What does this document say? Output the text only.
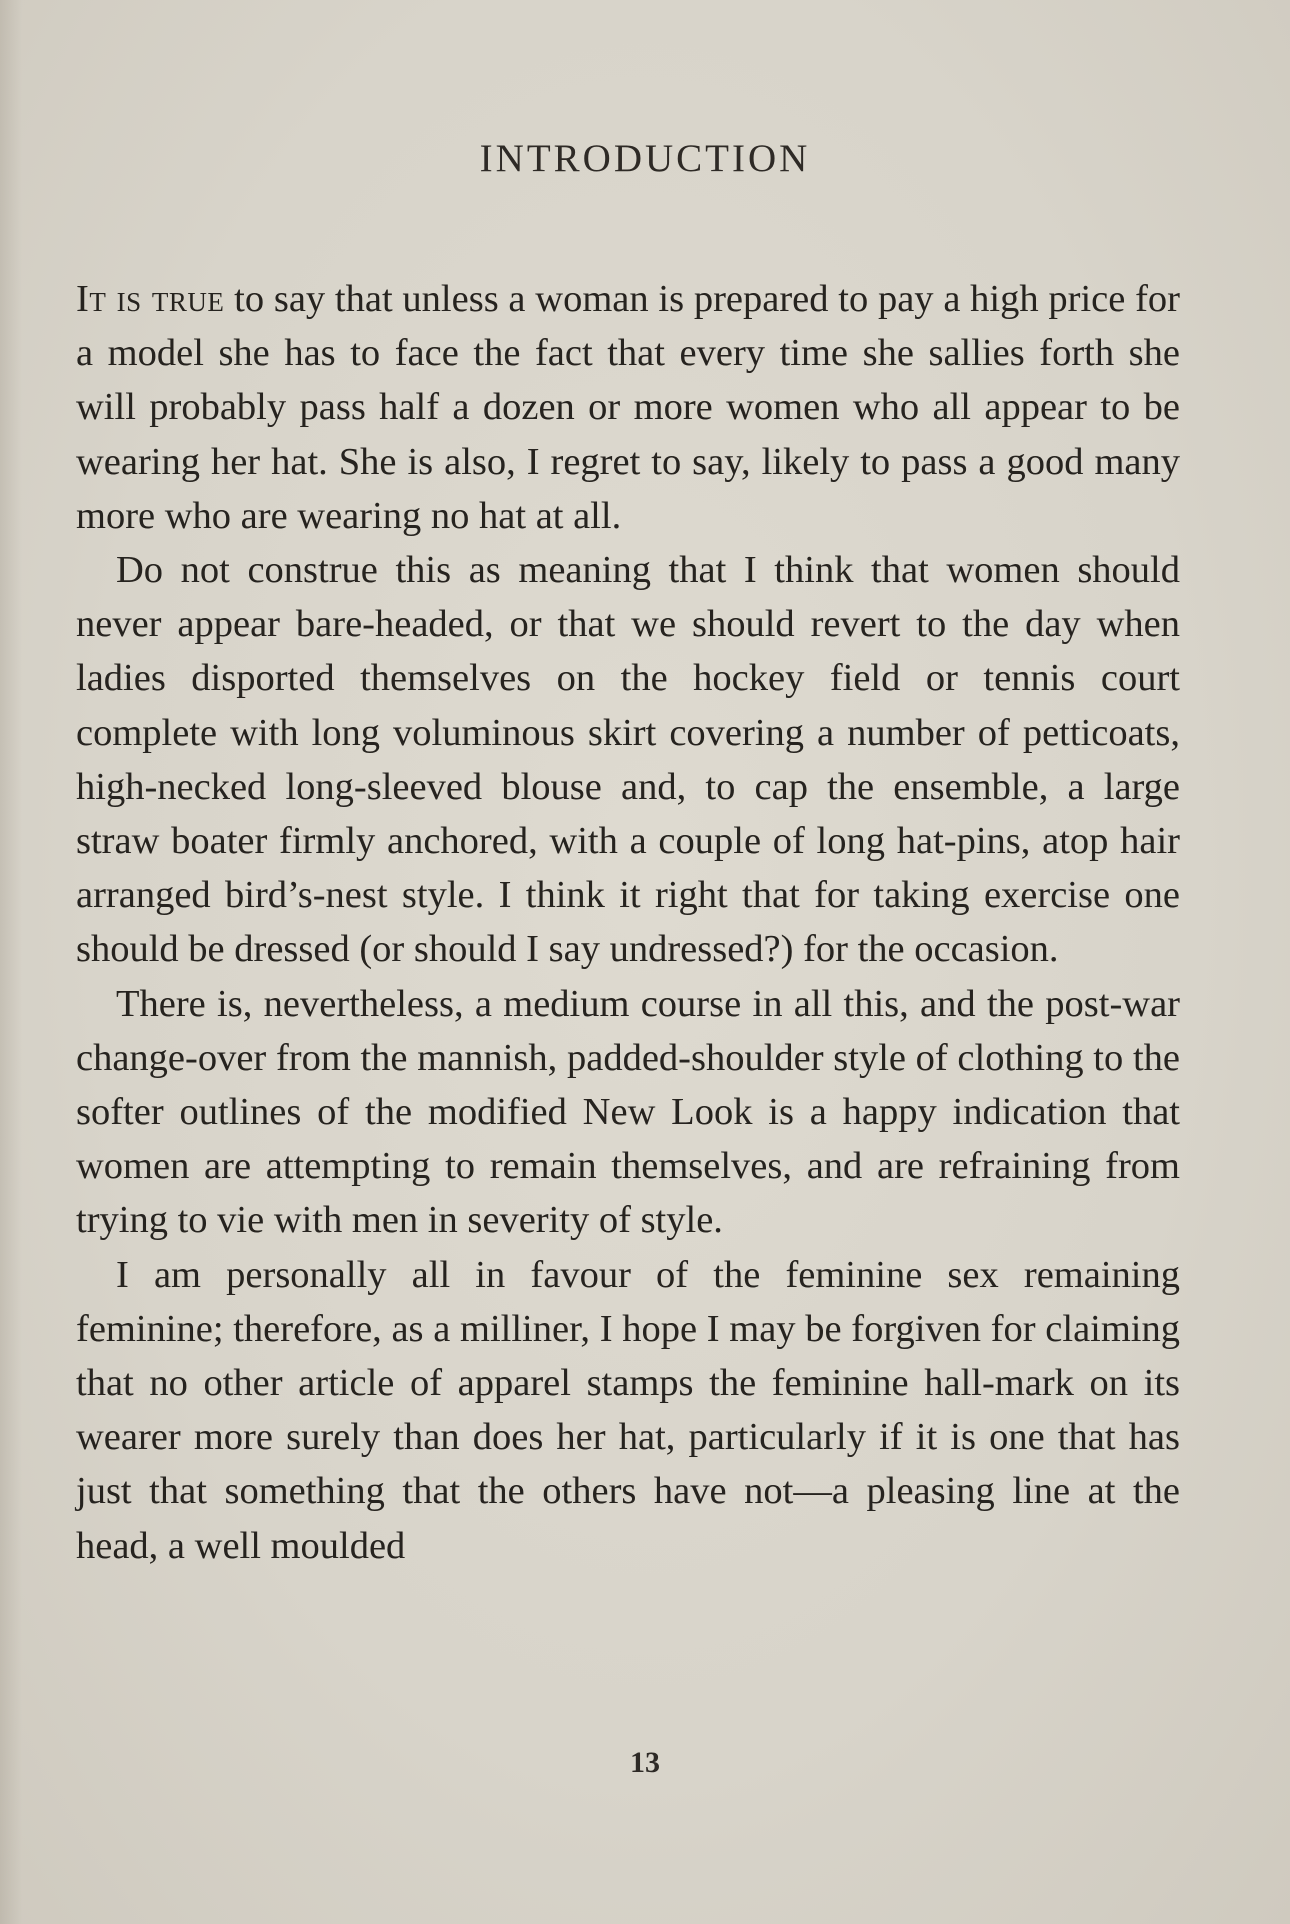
INTRODUCTION

It is true to say that unless a woman is prepared to pay a high price for a model she has to face the fact that every time she sallies forth she will probably pass half a dozen or more women who all appear to be wearing her hat. She is also, I regret to say, likely to pass a good many more who are wearing no hat at all.

Do not construe this as meaning that I think that women should never appear bare-headed, or that we should revert to the day when ladies disported themselves on the hockey field or tennis court complete with long voluminous skirt covering a number of petticoats, high-necked long-sleeved blouse and, to cap the ensemble, a large straw boater firmly anchored, with a couple of long hat-pins, atop hair arranged bird’s-nest style. I think it right that for taking exercise one should be dressed (or should I say undressed?) for the occasion.

There is, nevertheless, a medium course in all this, and the post-war change-over from the mannish, padded-shoulder style of clothing to the softer outlines of the modified New Look is a happy indication that women are attempting to remain themselves, and are refraining from trying to vie with men in severity of style.

I am personally all in favour of the feminine sex remaining feminine; therefore, as a milliner, I hope I may be forgiven for claiming that no other article of apparel stamps the feminine hall-mark on its wearer more surely than does her hat, particularly if it is one that has just that something that the others have not—a pleasing line at the head, a well moulded

13
